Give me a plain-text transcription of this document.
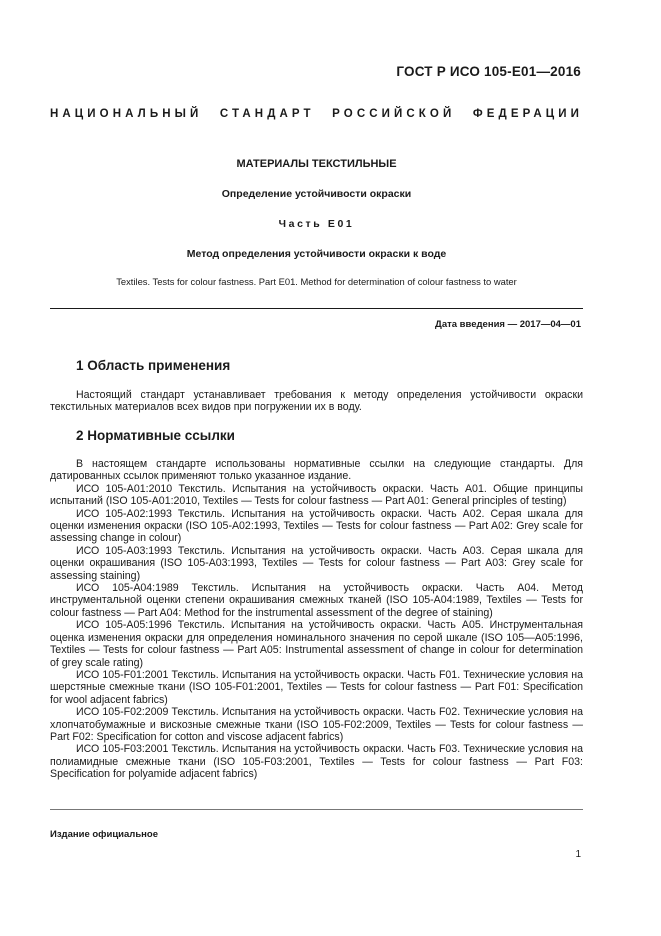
ГОСТ Р ИСО 105-E01—2016
НАЦИОНАЛЬНЫЙ СТАНДАРТ РОССИЙСКОЙ ФЕДЕРАЦИИ
МАТЕРИАЛЫ ТЕКСТИЛЬНЫЕ
Определение устойчивости окраски
Часть E01
Метод определения устойчивости окраски к воде
Textiles. Tests for colour fastness. Part E01. Method for determination of colour fastness to water
Дата введения — 2017—04—01
1 Область применения
Настоящий стандарт устанавливает требования к методу определения устойчивости окраски текстильных материалов всех видов при погружении их в воду.
2 Нормативные ссылки

В настоящем стандарте использованы нормативные ссылки на следующие стандарты. Для датированных ссылок применяют только указанное издание.

ИСО 105-A01:2010 Текстиль. Испытания на устойчивость окраски. Часть A01. Общие принципы испытаний (ISO 105-A01:2010, Textiles — Tests for colour fastness — Part A01: General principles of testing)

ИСО 105-A02:1993 Текстиль. Испытания на устойчивость окраски. Часть A02. Серая шкала для оценки изменения окраски (ISO 105-A02:1993, Textiles — Tests for colour fastness — Part A02: Grey scale for assessing change in colour)

ИСО 105-A03:1993 Текстиль. Испытания на устойчивость окраски. Часть A03. Серая шкала для оценки окрашивания (ISO 105-A03:1993, Textiles — Tests for colour fastness — Part A03: Grey scale for assessing staining)

ИСО 105-A04:1989 Текстиль. Испытания на устойчивость окраски. Часть A04. Метод инструментальной оценки степени окрашивания смежных тканей (ISO 105-A04:1989, Textiles — Tests for colour fastness — Part A04: Method for the instrumental assessment of the degree of staining)

ИСО 105-A05:1996 Текстиль. Испытания на устойчивость окраски. Часть A05. Инструментальная оценка изменения окраски для определения номинального значения по серой шкале (ISO 105—A05:1996, Textiles — Tests for colour fastness — Part A05: Instrumental assessment of change in colour for determination of grey scale rating)

ИСО 105-F01:2001 Текстиль. Испытания на устойчивость окраски. Часть F01. Технические условия на шерстяные смежные ткани (ISO 105-F01:2001, Textiles — Tests for colour fastness — Part F01: Specification for wool adjacent fabrics)

ИСО 105-F02:2009 Текстиль. Испытания на устойчивость окраски. Часть F02. Технические условия на хлопчатобумажные и вискозные смежные ткани (ISO 105-F02:2009, Textiles — Tests for colour fastness — Part F02: Specification for cotton and viscose adjacent fabrics)

ИСО 105-F03:2001 Текстиль. Испытания на устойчивость окраски. Часть F03. Технические условия на полиамидные смежные ткани (ISO 105-F03:2001, Textiles — Tests for colour fastness — Part F03: Specification for polyamide adjacent fabrics)

Издание официальное
1
